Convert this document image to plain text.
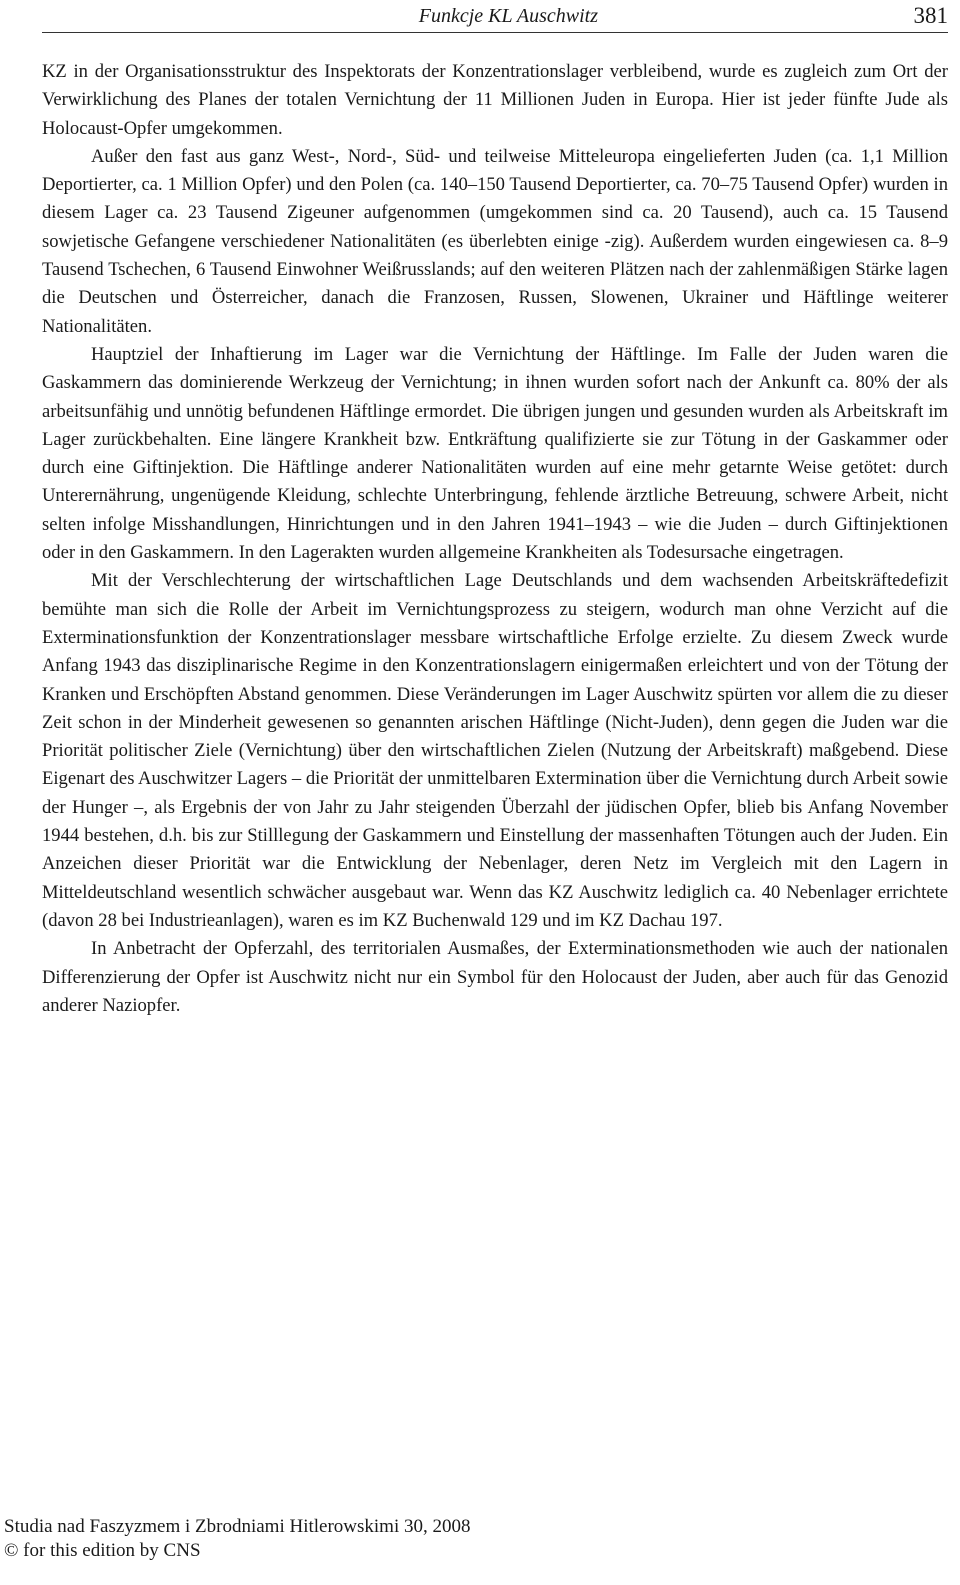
Funkcje KL Auschwitz	381

KZ in der Organisationsstruktur des Inspektorats der Konzentrationslager verbleibend, wurde es zugleich zum Ort der Verwirklichung des Planes der totalen Vernichtung der 11 Millionen Juden in Europa. Hier ist jeder fünfte Jude als Holocaust-Opfer umgekommen.

Außer den fast aus ganz West-, Nord-, Süd- und teilweise Mitteleuropa eingelieferten Juden (ca. 1,1 Million Deportierter, ca. 1 Million Opfer) und den Polen (ca. 140–150 Tausend Deportierter, ca. 70–75 Tausend Opfer) wurden in diesem Lager ca. 23 Tausend Zigeuner aufgenommen (umgekommen sind ca. 20 Tausend), auch ca. 15 Tausend sowjetische Gefangene verschiedener Nationalitäten (es überlebten einige -zig). Außerdem wurden eingewiesen ca. 8–9 Tausend Tschechen, 6 Tausend Einwohner Weißrusslands; auf den weiteren Plätzen nach der zahlenmäßigen Stärke lagen die Deutschen und Österreicher, danach die Franzosen, Russen, Slowenen, Ukrainer und Häftlinge weiterer Nationalitäten.

Hauptziel der Inhaftierung im Lager war die Vernichtung der Häftlinge. Im Falle der Juden waren die Gaskammern das dominierende Werkzeug der Vernichtung; in ihnen wurden sofort nach der Ankunft ca. 80% der als arbeitsunfähig und unnötig befundenen Häftlinge ermordet. Die übrigen jungen und gesunden wurden als Arbeitskraft im Lager zurückbehalten. Eine längere Krankheit bzw. Entkräftung qualifizierte sie zur Tötung in der Gaskammer oder durch eine Giftinjektion. Die Häftlinge anderer Nationalitäten wurden auf eine mehr getarnte Weise getötet: durch Unterernährung, ungenügende Kleidung, schlechte Unterbringung, fehlende ärztliche Betreuung, schwere Arbeit, nicht selten infolge Misshandlungen, Hinrichtungen und in den Jahren 1941–1943 – wie die Juden – durch Giftinjektionen oder in den Gaskammern. In den Lagerakten wurden allgemeine Krankheiten als Todesursache eingetragen.

Mit der Verschlechterung der wirtschaftlichen Lage Deutschlands und dem wachsenden Arbeitskräftedefizit bemühte man sich die Rolle der Arbeit im Vernichtungsprozess zu steigern, wodurch man ohne Verzicht auf die Exterminationsfunktion der Konzentrationslager messbare wirtschaftliche Erfolge erzielte. Zu diesem Zweck wurde Anfang 1943 das disziplinarische Regime in den Konzentrationslagern einigermaßen erleichtert und von der Tötung der Kranken und Erschöpften Abstand genommen. Diese Veränderungen im Lager Auschwitz spürten vor allem die zu dieser Zeit schon in der Minderheit gewesenen so genannten arischen Häftlinge (Nicht-Juden), denn gegen die Juden war die Priorität politischer Ziele (Vernichtung) über den wirtschaftlichen Zielen (Nutzung der Arbeitskraft) maßgebend. Diese Eigenart des Auschwitzer Lagers – die Priorität der unmittelbaren Extermination über die Vernichtung durch Arbeit sowie der Hunger –, als Ergebnis der von Jahr zu Jahr steigenden Überzahl der jüdischen Opfer, blieb bis Anfang November 1944 bestehen, d.h. bis zur Stilllegung der Gaskammern und Einstellung der massenhaften Tötungen auch der Juden. Ein Anzeichen dieser Priorität war die Entwicklung der Nebenlager, deren Netz im Vergleich mit den Lagern in Mitteldeutschland wesentlich schwächer ausgebaut war. Wenn das KZ Auschwitz lediglich ca. 40 Nebenlager errichtete (davon 28 bei Industrieanlagen), waren es im KZ Buchenwald 129 und im KZ Dachau 197.

In Anbetracht der Opferzahl, des territorialen Ausmaßes, der Exterminationsmethoden wie auch der nationalen Differenzierung der Opfer ist Auschwitz nicht nur ein Symbol für den Holocaust der Juden, aber auch für das Genozid anderer Naziopfer.

Studia nad Faszyzmem i Zbrodniami Hitlerowskimi 30, 2008
© for this edition by CNS
